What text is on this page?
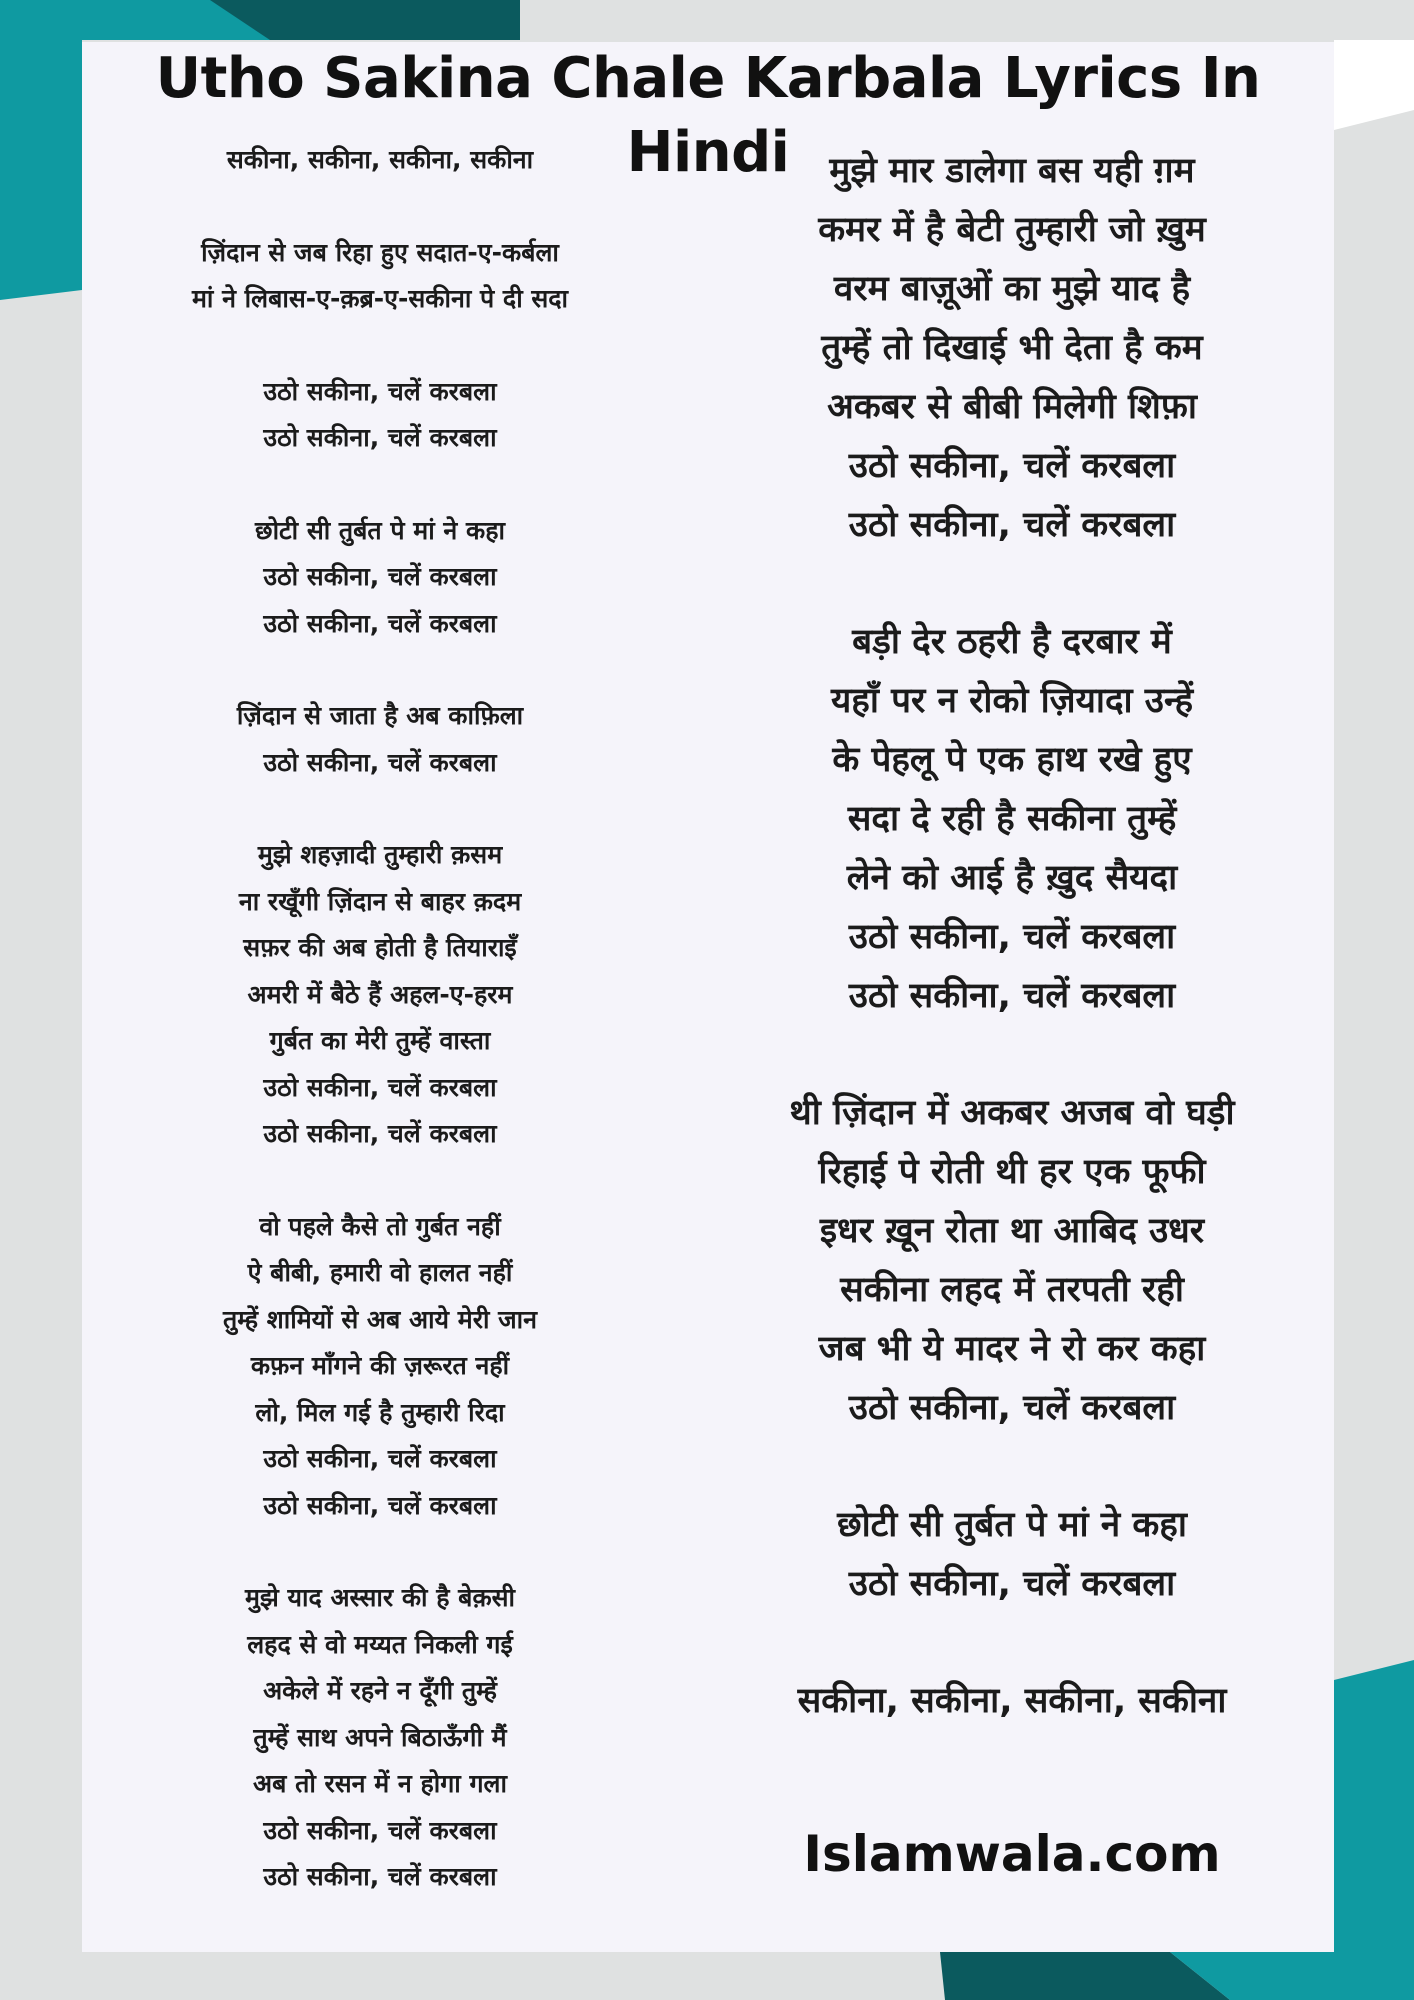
Utho Sakina Chale Karbala Lyrics In Hindi
सकीना, सकीना, सकीना, सकीना
ज़िंदान से जब रिहा हुए सदात-ए-कर्बला
मां ने लिबास-ए-क़ब्र-ए-सकीना पे दी सदा
उठो सकीना, चलें करबला
उठो सकीना, चलें करबला
छोटी सी तुर्बत पे मां ने कहा
उठो सकीना, चलें करबला
उठो सकीना, चलें करबला
ज़िंदान से जाता है अब काफ़िला
उठो सकीना, चलें करबला
मुझे शहज़ादी तुम्हारी क़सम
ना रखूँगी ज़िंदान से बाहर क़दम
सफ़र की अब होती है तियाराइँ
अमरी में बैठे हैं अहल-ए-हरम
गुर्बत का मेरी तुम्हें वास्ता
उठो सकीना, चलें करबला
उठो सकीना, चलें करबला
वो पहले कैसे तो गुर्बत नहीं
ऐ बीबी, हमारी वो हालत नहीं
तुम्हें शामियों से अब आये मेरी जान
कफ़न माँगने की ज़रूरत नहीं
लो, मिल गई है तुम्हारी रिदा
उठो सकीना, चलें करबला
उठो सकीना, चलें करबला
मुझे याद अस्सार की है बेक़सी
लहद से वो मय्यत निकली गई
अकेले में रहने न दूँगी तुम्हें
तुम्हें साथ अपने बिठाऊँगी मैं
अब तो रसन में न होगा गला
उठो सकीना, चलें करबला
उठो सकीना, चलें करबला
मुझे मार डालेगा बस यही ग़म
कमर में है बेटी तुम्हारी जो ख़ुम
वरम बाज़ूओं का मुझे याद है
तुम्हें तो दिखाई भी देता है कम
अकबर से बीबी मिलेगी शिफ़ा
उठो सकीना, चलें करबला
उठो सकीना, चलें करबला
बड़ी देर ठहरी है दरबार में
यहाँ पर न रोको ज़ियादा उन्हें
के पेहलू पे एक हाथ रखे हुए
सदा दे रही है सकीना तुम्हें
लेने को आई है ख़ुद सैयदा
उठो सकीना, चलें करबला
उठो सकीना, चलें करबला
थी ज़िंदान में अकबर अजब वो घड़ी
रिहाई पे रोती थी हर एक फूफी
इधर ख़ून रोता था आबिद उधर
सकीना लहद में तरपती रही
जब भी ये मादर ने रो कर कहा
उठो सकीना, चलें करबला
छोटी सी तुर्बत पे मां ने कहा
उठो सकीना, चलें करबला
सकीना, सकीना, सकीना, सकीना
Islamwala.com
